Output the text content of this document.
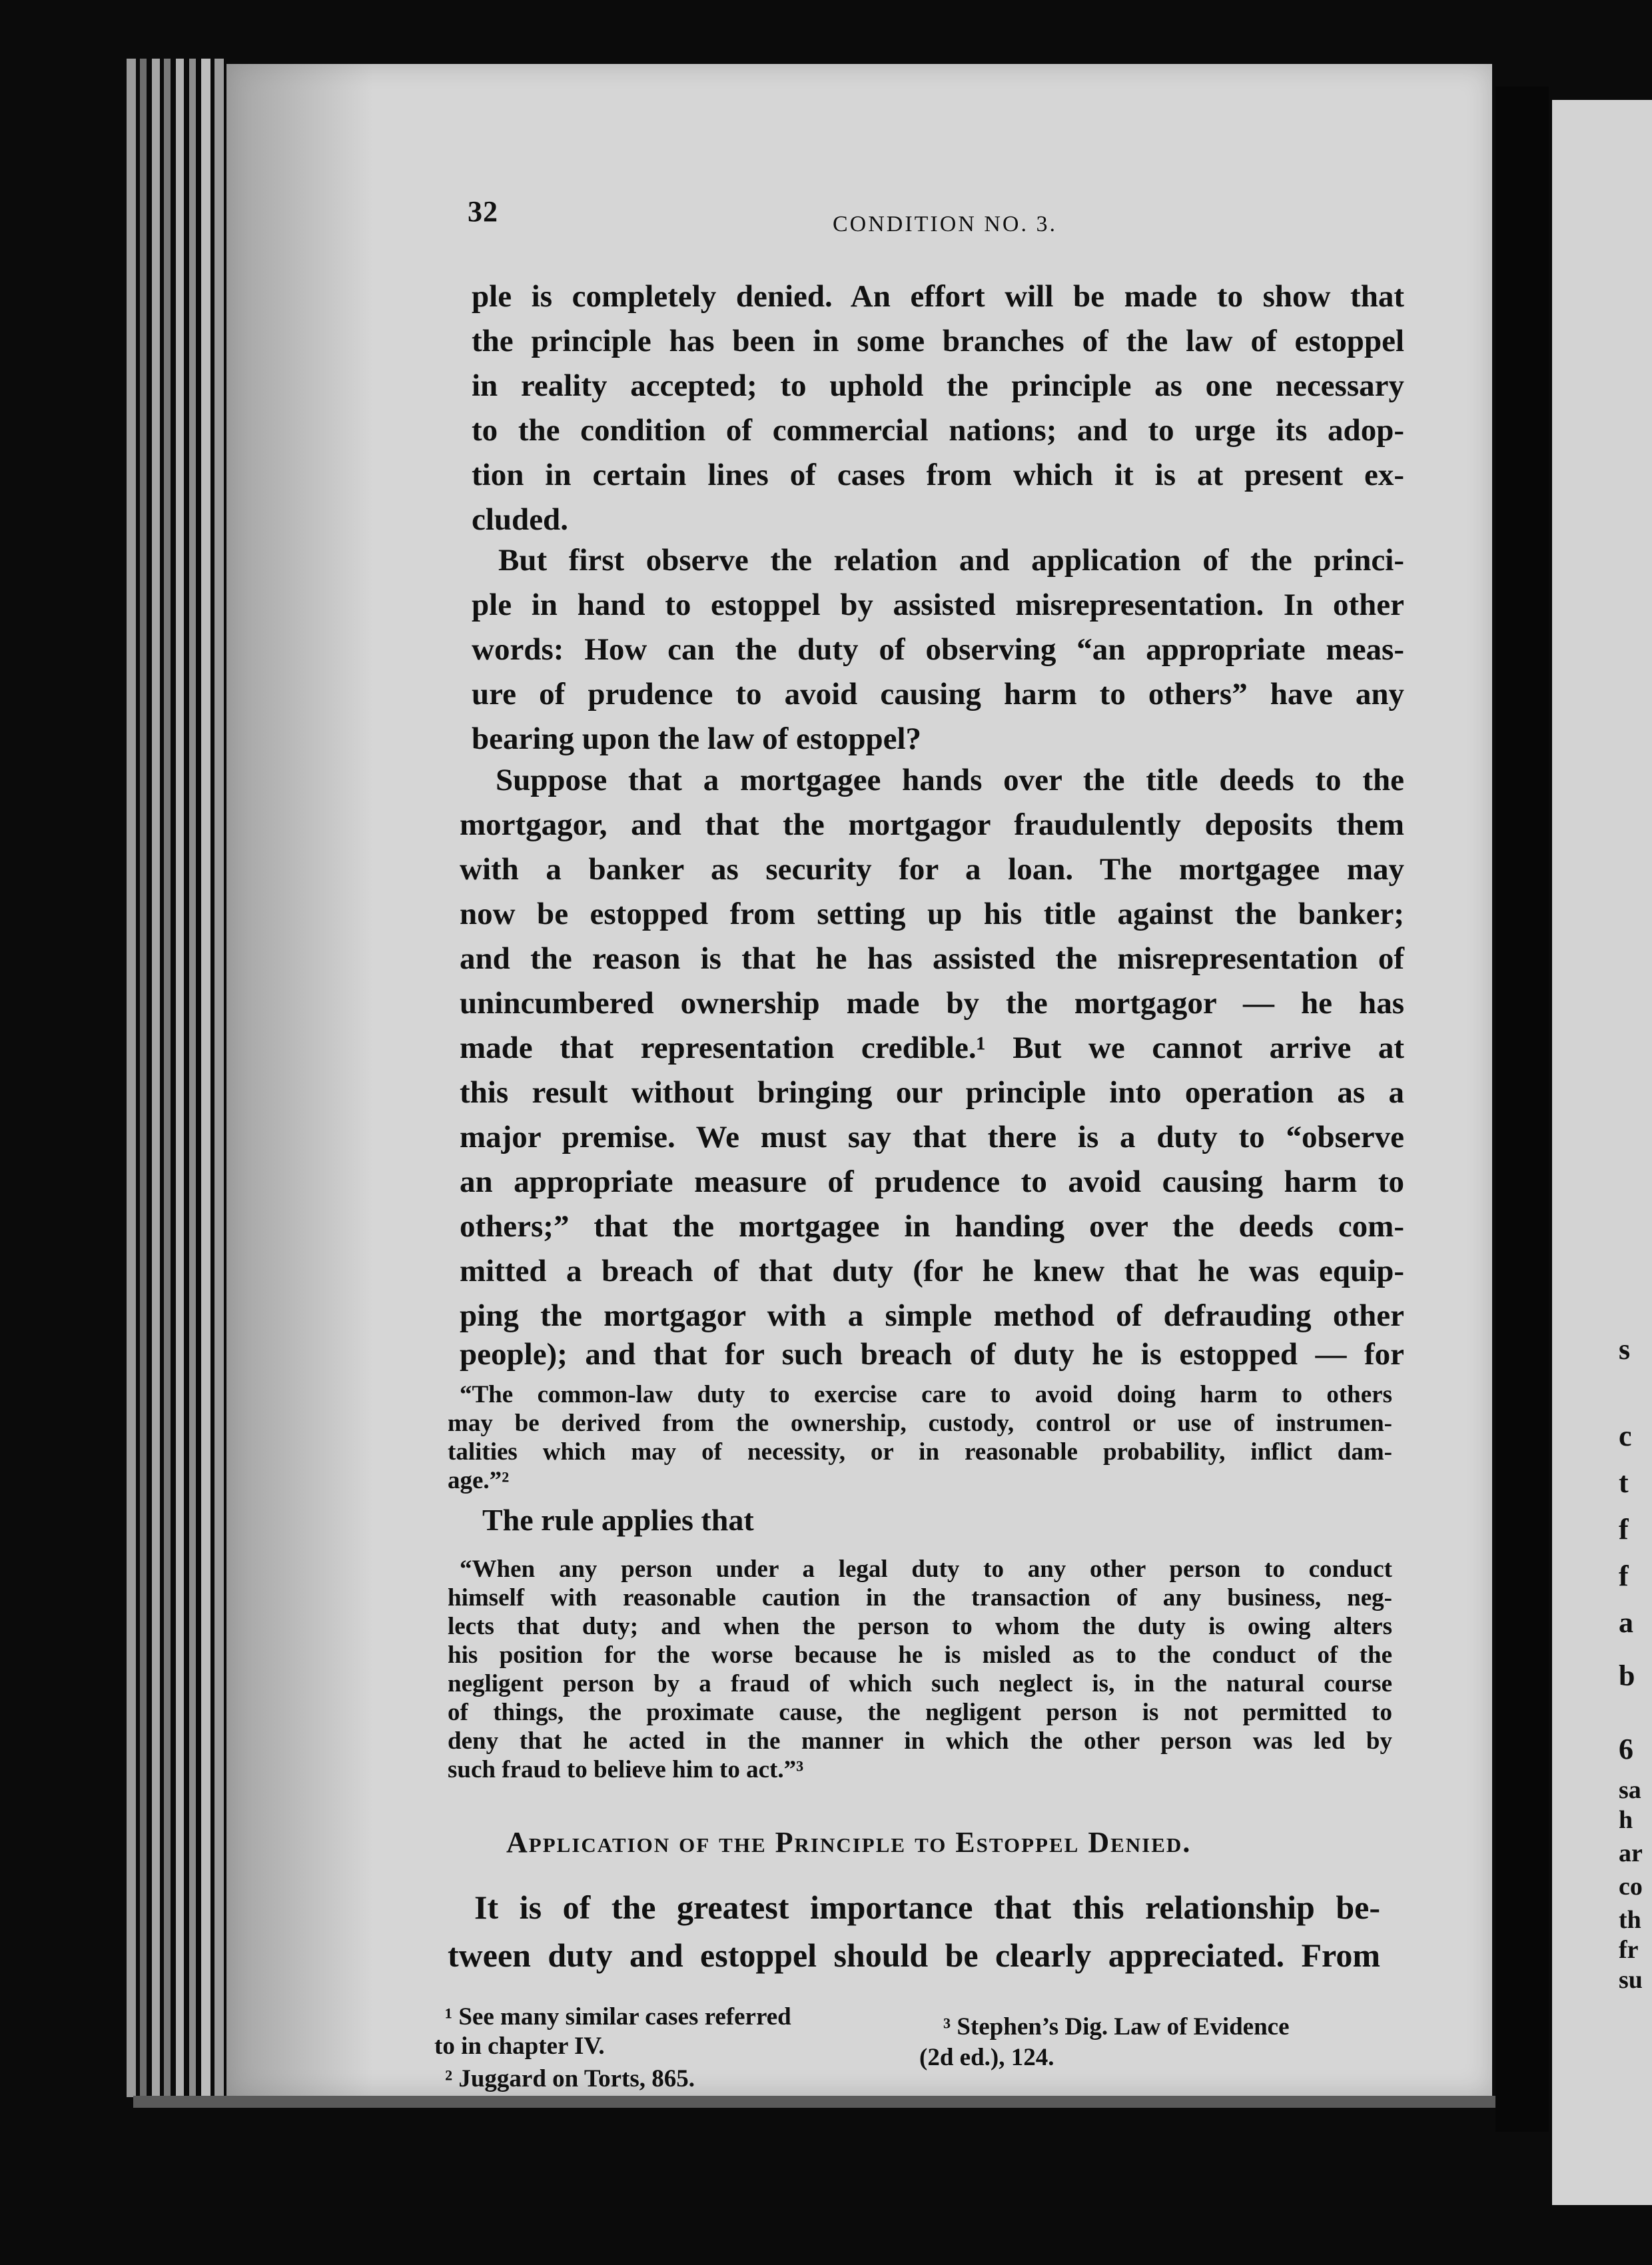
32	CONDITION NO. 3.
ple is completely denied. An effort will be made to show that
the principle has been in some branches of the law of estoppel
in reality accepted; to uphold the principle as one necessary
to the condition of commercial nations; and to urge its adop-
tion in certain lines of cases from which it is at present ex-
cluded.
But first observe the relation and application of the princi-
ple in hand to estoppel by assisted misrepresentation. In other
words: How can the duty of observing “an appropriate meas-
ure of prudence to avoid causing harm to others” have any
bearing upon the law of estoppel?
Suppose that a mortgagee hands over the title deeds to the
mortgagor, and that the mortgagor fraudulently deposits them
with a banker as security for a loan. The mortgagee may
now be estopped from setting up his title against the banker;
and the reason is that he has assisted the misrepresentation of
unincumbered ownership made by the mortgagor — he has
made that representation credible.¹ But we cannot arrive at
this result without bringing our principle into operation as a
major premise. We must say that there is a duty to “observe
an appropriate measure of prudence to avoid causing harm to
others;” that the mortgagee in handing over the deeds com-
mitted a breach of that duty (for he knew that he was equip-
ping the mortgagor with a simple method of defrauding other
people); and that for such breach of duty he is estopped — for
“The common-law duty to exercise care to avoid doing harm to others
may be derived from the ownership, custody, control or use of instrumen-
talities which may of necessity, or in reasonable probability, inflict dam-
age.”²
The rule applies that
“When any person under a legal duty to any other person to conduct
himself with reasonable caution in the transaction of any business, neg-
lects that duty; and when the person to whom the duty is owing alters
his position for the worse because he is misled as to the conduct of the
negligent person by a fraud of which such neglect is, in the natural course
of things, the proximate cause, the negligent person is not permitted to
deny that he acted in the manner in which the other person was led by
such fraud to believe him to act.”³
Application of the Principle to Estoppel Denied.
It is of the greatest importance that this relationship be-
tween duty and estoppel should be clearly appreciated. From
¹ See many similar cases referred
to in chapter IV.
² Juggard on Torts, 865.
³ Stephen’s Dig. Law of Evidence
(2d ed.), 124.
s
c
t
f
f
a
b
6
sa
h
ar
co
th
fr
su
